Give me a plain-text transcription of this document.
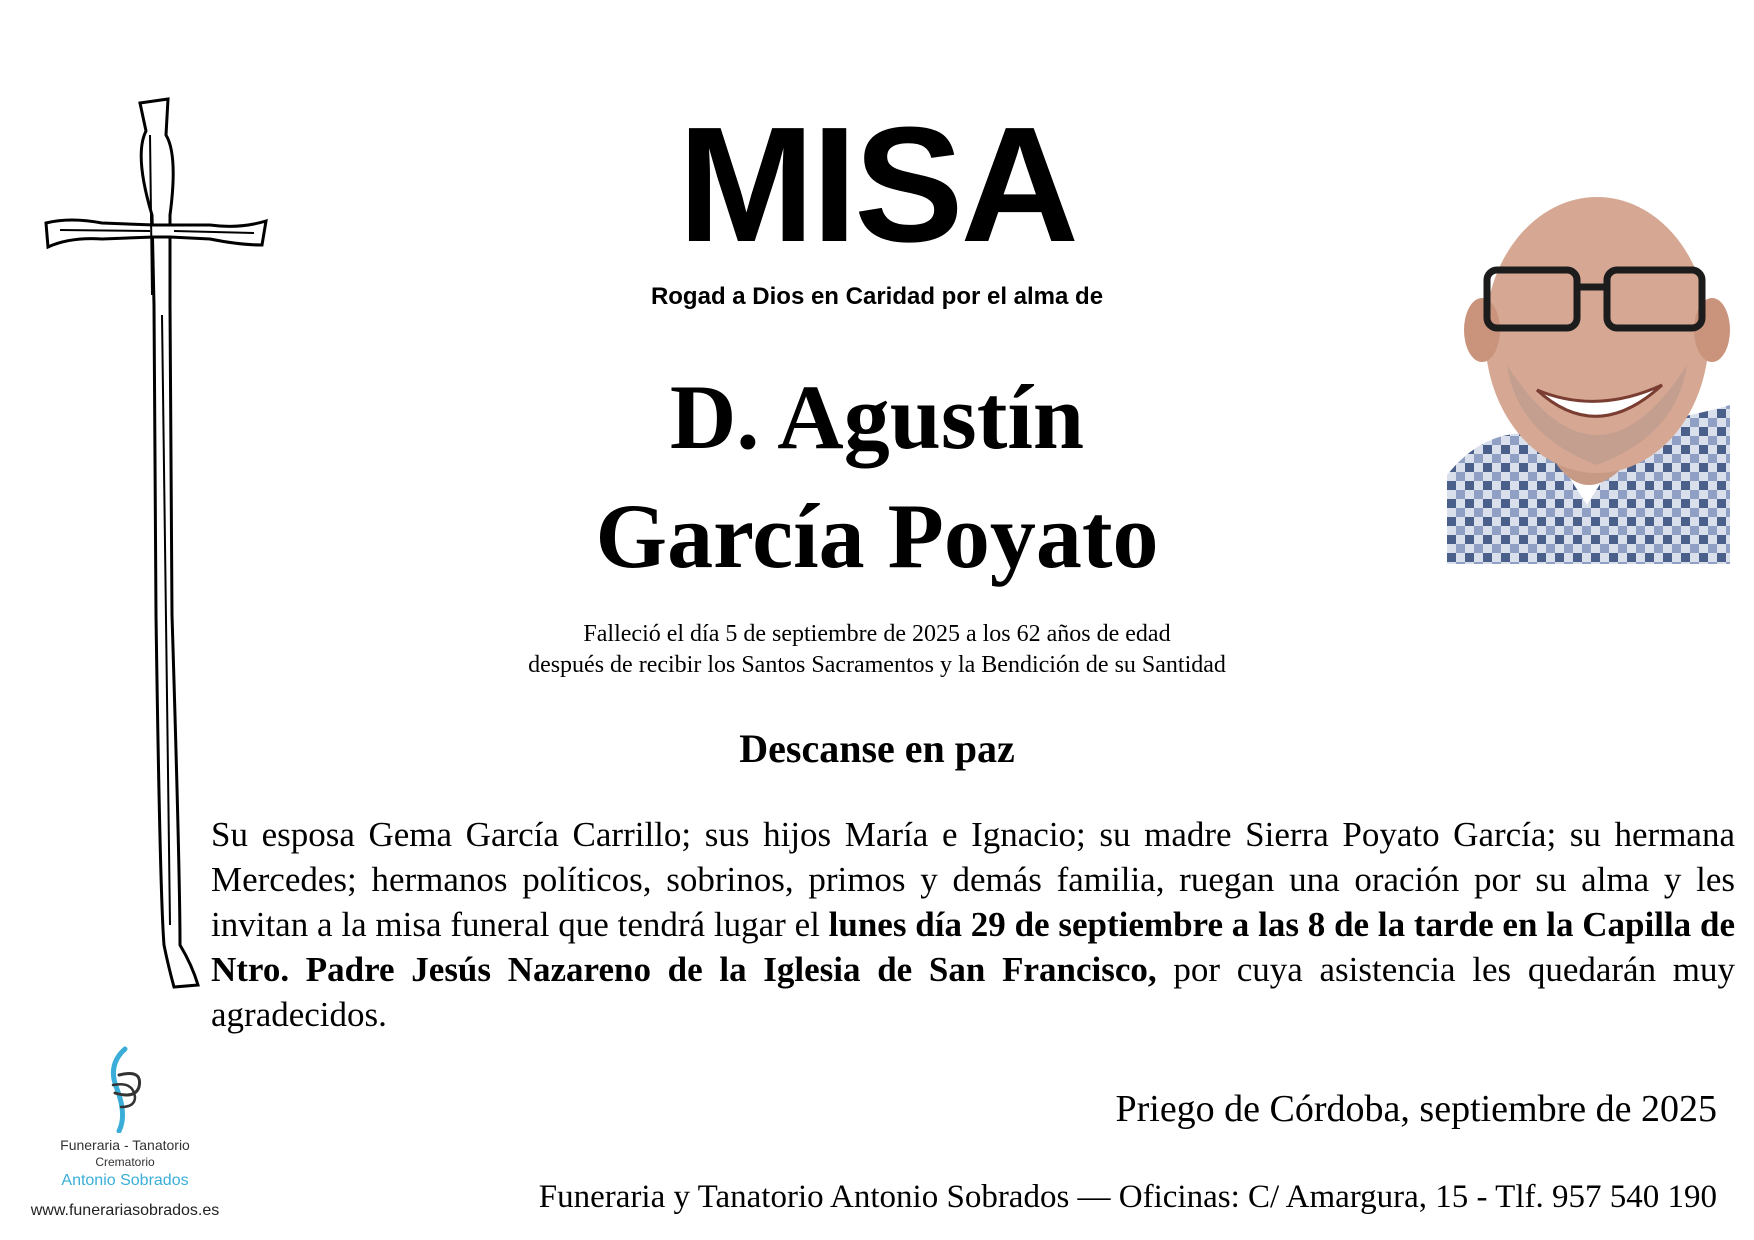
MISA
Rogad a Dios en Caridad por el alma de
D. Agustín
García Poyato
Falleció el día 5 de septiembre de 2025 a los 62 años de edad
después de recibir los Santos Sacramentos y la Bendición de su Santidad
Descanse en paz
Su esposa Gema García Carrillo; sus hijos María e Ignacio; su madre Sierra Poyato García; su hermana Mercedes; hermanos políticos, sobrinos, primos y demás familia, ruegan una oración por su alma y les invitan a la misa funeral que tendrá lugar el lunes día 29 de septiembre a las 8 de la tarde en la Capilla de Ntro. Padre Jesús Nazareno de la Iglesia de San Francisco, por cuya asistencia les quedarán muy agradecidos.
Priego de Córdoba, septiembre de 2025
Funeraria y Tanatorio Antonio Sobrados — Oficinas: C/ Amargura, 15 - Tlf. 957 540 190
Funeraria - Tanatorio
Crematorio
Antonio Sobrados
www.funerariasobrados.es
